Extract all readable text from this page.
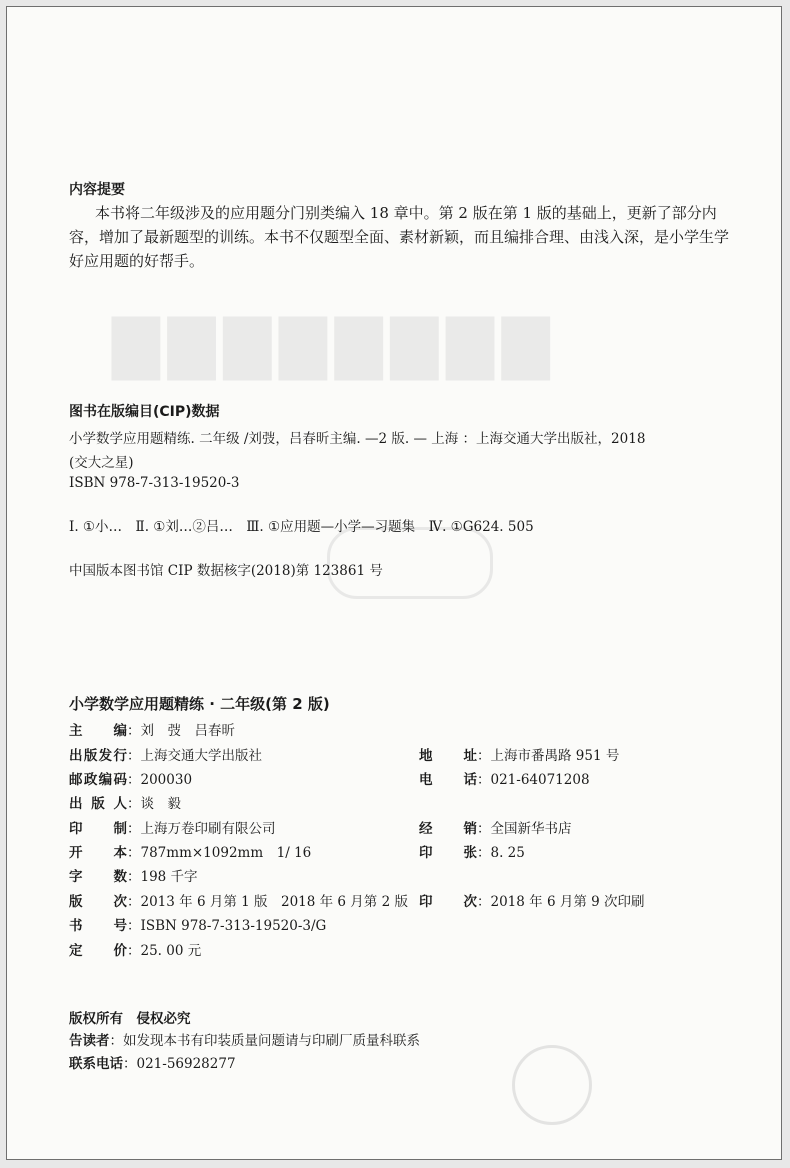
▇▇▇▇▇▇▇▇
内容提要
本书将二年级涉及的应用题分门别类编入 18 章中。第 2 版在第 1 版的基础上，更新了部分内
容，增加了最新题型的训练。本书不仅题型全面、素材新颖，而且编排合理、由浅入深，是小学生学
好应用题的好帮手。
图书在版编目(CIP)数据
小学数学应用题精练. 二年级 /刘弢，吕春昕主编. —2 版. — 上海 ：上海交通大学出版社，2018
(交大之星)
ISBN 978-7-313-19520-3
Ⅰ. ①小…　Ⅱ. ①刘…②吕…　Ⅲ. ①应用题—小学—习题集　Ⅳ. ①G624. 505
中国版本图书馆 CIP 数据核字(2018)第 123861 号
小学数学应用题精练 · 二年级(第 2 版)
主　　编：刘　弢　吕春昕
出版发行：上海交通大学出版社	地　　址：上海市番禺路 951 号
邮政编码：200030	电　　话：021-64071208
出 版 人：谈　毅
印　　制：上海万卷印刷有限公司	经　　销：全国新华书店
开　　本：787mm×1092mm　1/ 16	印　　张：8. 25
字　　数：198 千字
版　　次：2013 年 6 月第 1 版　2018 年 6 月第 2 版 印　　次：2018 年 6 月第 9 次印刷
书　　号：ISBN 978-7-313-19520-3/G
定　　价：25. 00 元
版权所有　侵权必究
告读者：如发现本书有印装质量问题请与印刷厂质量科联系
联系电话：021-56928277
